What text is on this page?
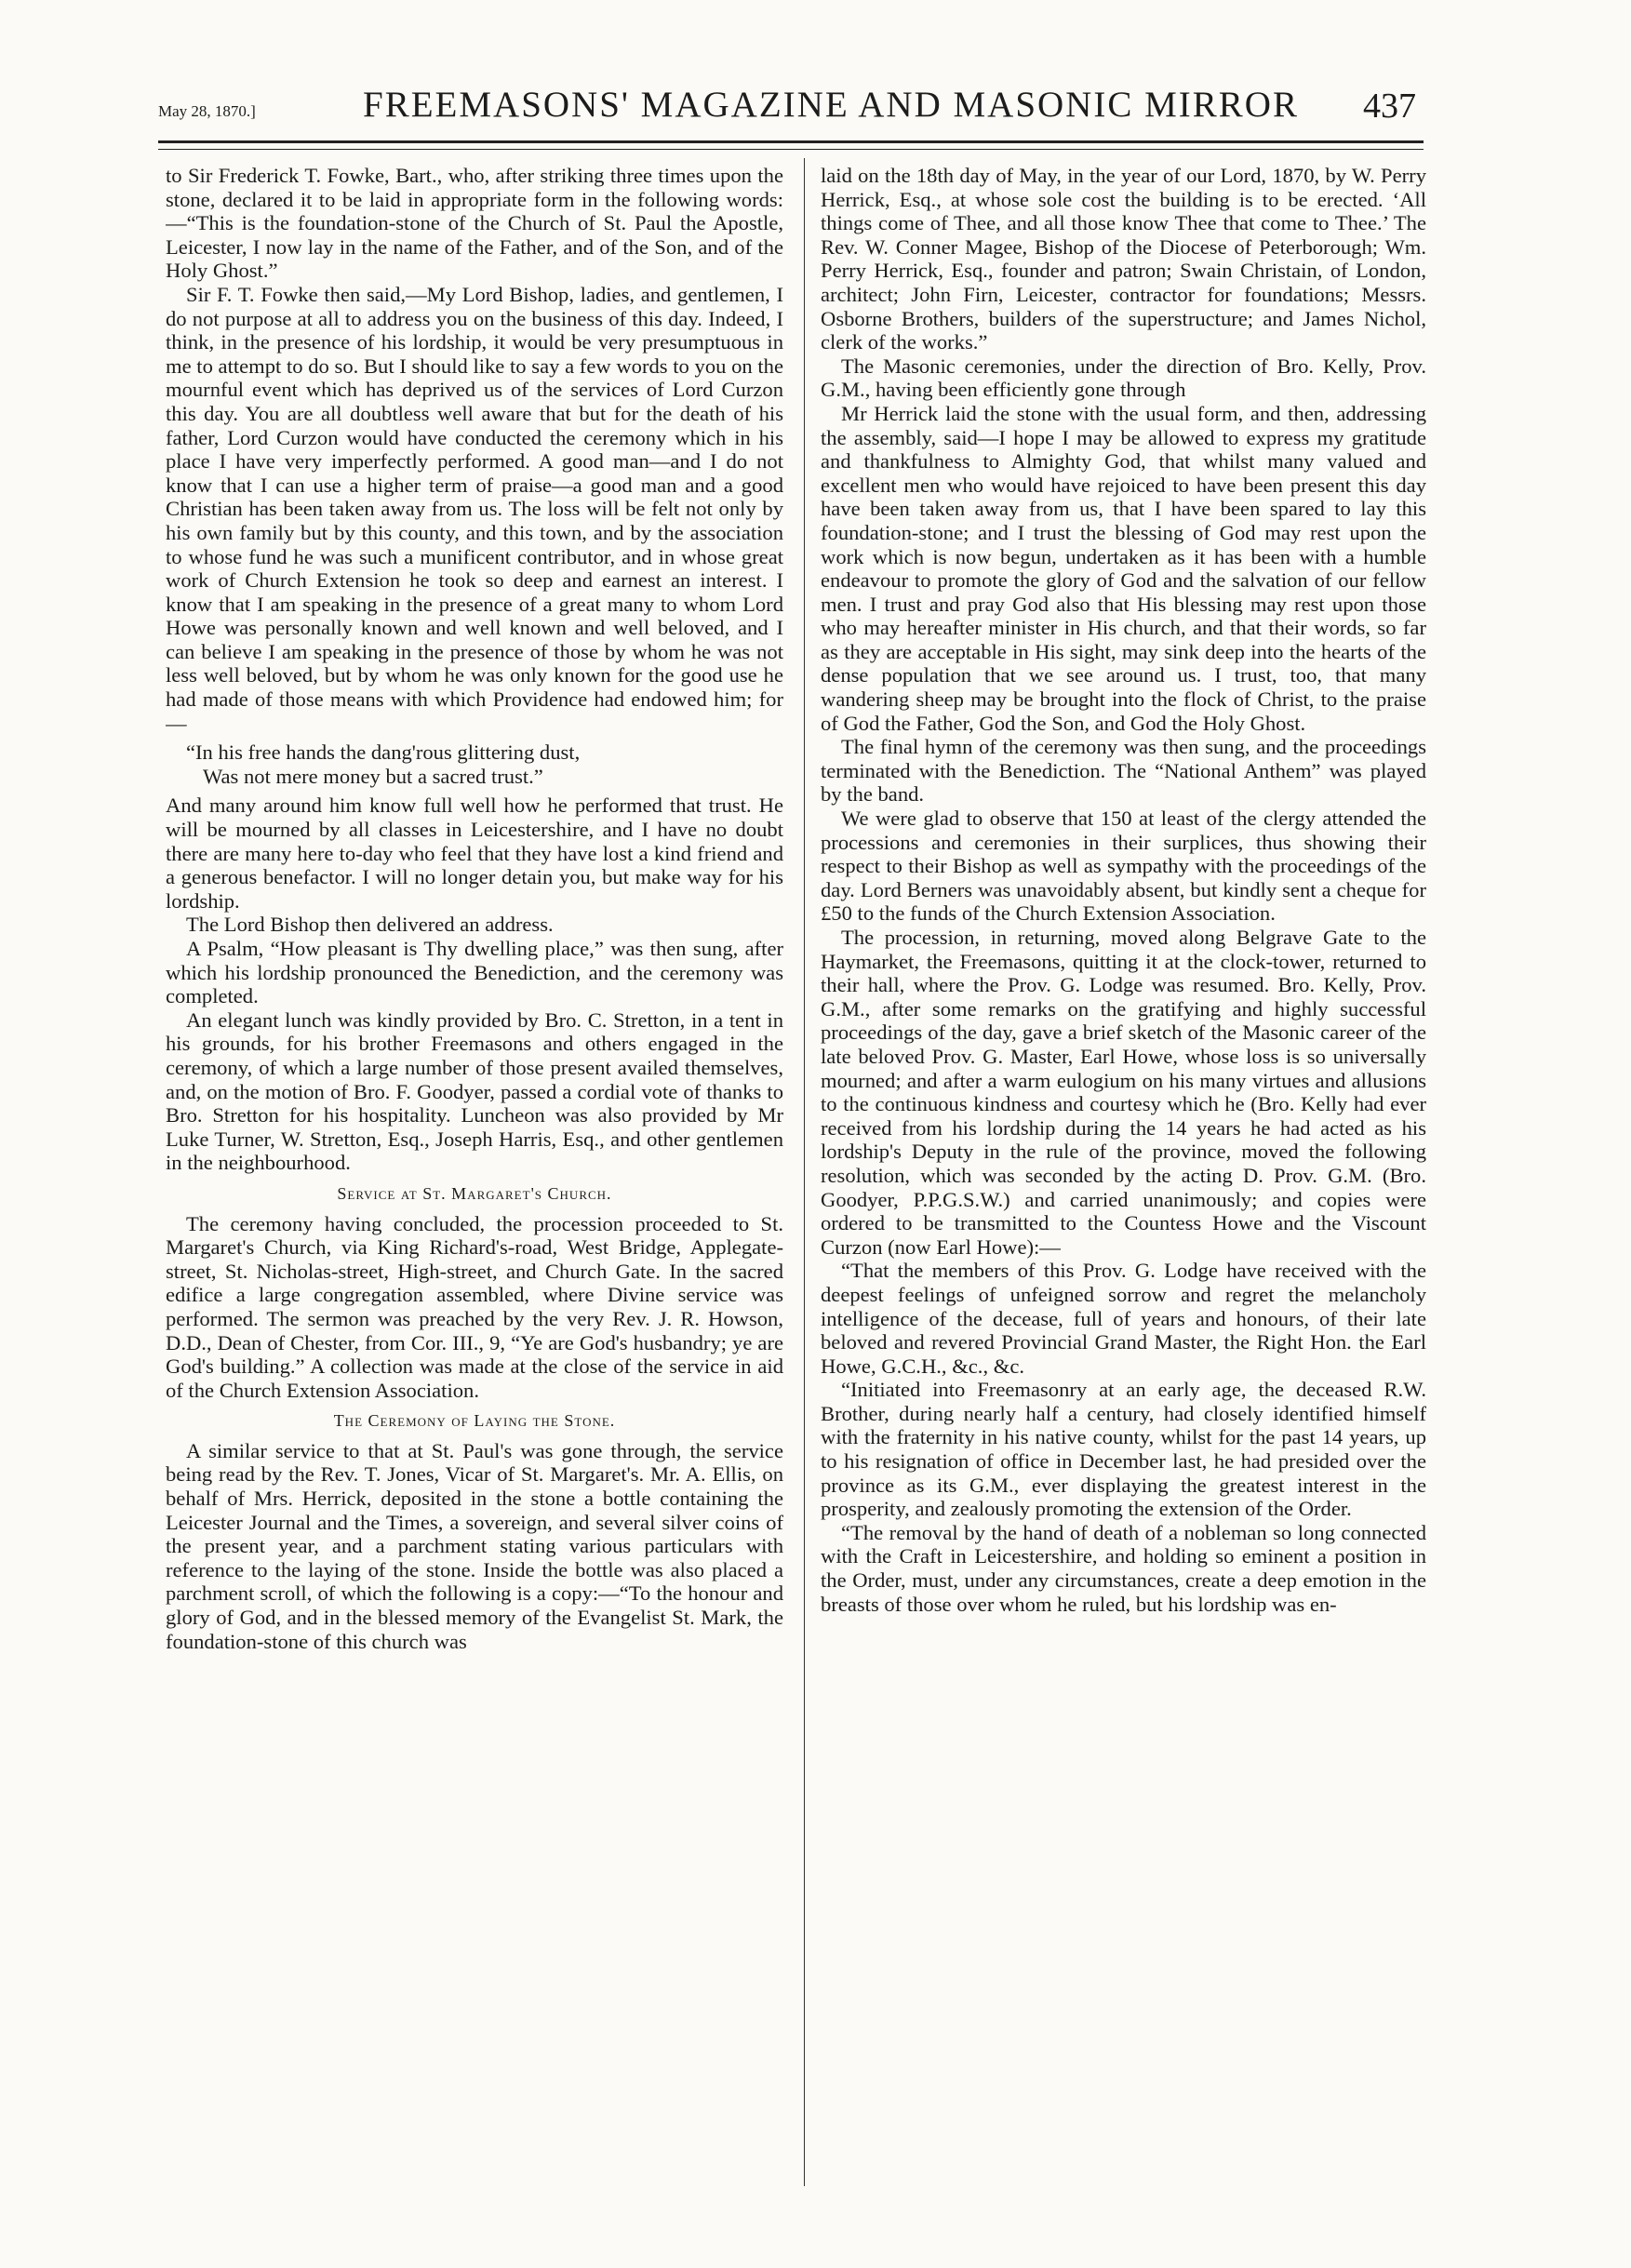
May 28, 1870.]	FREEMASONS' MAGAZINE AND MASONIC MIRROR 437

to Sir Frederick T. Fowke, Bart., who, after striking three times upon the stone, declared it to be laid in appropriate form in the following words:—“This is the foundation-stone of the Church of St. Paul the Apostle, Leicester, I now lay in the name of the Father, and of the Son, and of the Holy Ghost.”

Sir F. T. Fowke then said,—My Lord Bishop, ladies, and gentlemen, I do not purpose at all to address you on the business of this day. Indeed, I think, in the presence of his lordship, it would be very presumptuous in me to attempt to do so. But I should like to say a few words to you on the mournful event which has deprived us of the services of Lord Curzon this day. You are all doubtless well aware that but for the death of his father, Lord Curzon would have conducted the ceremony which in his place I have very imperfectly performed. A good man—and I do not know that I can use a higher term of praise—a good man and a good Christian has been taken away from us. The loss will be felt not only by his own family but by this county, and this town, and by the association to whose fund he was such a munificent contributor, and in whose great work of Church Extension he took so deep and earnest an interest. I know that I am speaking in the presence of a great many to whom Lord Howe was personally known and well known and well beloved, and I can believe I am speaking in the presence of those by whom he was not less well beloved, but by whom he was only known for the good use he had made of those means with which Providence had endowed him; for—

“In his free hands the dang'rous glittering dust,
Was not mere money but a sacred trust.”

And many around him know full well how he performed that trust. He will be mourned by all classes in Leicestershire, and I have no doubt there are many here to-day who feel that they have lost a kind friend and a generous benefactor. I will no longer detain you, but make way for his lordship.

The Lord Bishop then delivered an address.

A Psalm, “How pleasant is Thy dwelling place,” was then sung, after which his lordship pronounced the Benediction, and the ceremony was completed.

An elegant lunch was kindly provided by Bro. C. Stretton, in a tent in his grounds, for his brother Freemasons and others engaged in the ceremony, of which a large number of those present availed themselves, and, on the motion of Bro. F. Goodyer, passed a cordial vote of thanks to Bro. Stretton for his hospitality. Luncheon was also provided by Mr Luke Turner, W. Stretton, Esq., Joseph Harris, Esq., and other gentlemen in the neighbourhood.

Service at St. Margaret's Church.

The ceremony having concluded, the procession proceeded to St. Margaret's Church, via King Richard's-road, West Bridge, Applegate-street, St. Nicholas-street, High-street, and Church Gate. In the sacred edifice a large congregation assembled, where Divine service was performed. The sermon was preached by the very Rev. J. R. Howson, D.D., Dean of Chester, from Cor. III., 9, “Ye are God's husbandry; ye are God's building.” A collection was made at the close of the service in aid of the Church Extension Association.

The Ceremony of Laying the Stone.

A similar service to that at St. Paul's was gone through, the service being read by the Rev. T. Jones, Vicar of St. Margaret's. Mr. A. Ellis, on behalf of Mrs. Herrick, deposited in the stone a bottle containing the Leicester Journal and the Times, a sovereign, and several silver coins of the present year, and a parchment stating various particulars with reference to the laying of the stone. Inside the bottle was also placed a parchment scroll, of which the following is a copy:—“To the honour and glory of God, and in the blessed memory of the Evangelist St. Mark, the foundation-stone of this church was

laid on the 18th day of May, in the year of our Lord, 1870, by W. Perry Herrick, Esq., at whose sole cost the building is to be erected. ‘All things come of Thee, and all those know Thee that come to Thee.’ The Rev. W. Conner Magee, Bishop of the Diocese of Peterborough; Wm. Perry Herrick, Esq., founder and patron; Swain Christain, of London, architect; John Firn, Leicester, contractor for foundations; Messrs. Osborne Brothers, builders of the superstructure; and James Nichol, clerk of the works.”

The Masonic ceremonies, under the direction of Bro. Kelly, Prov. G.M., having been efficiently gone through

Mr Herrick laid the stone with the usual form, and then, addressing the assembly, said—I hope I may be allowed to express my gratitude and thankfulness to Almighty God, that whilst many valued and excellent men who would have rejoiced to have been present this day have been taken away from us, that I have been spared to lay this foundation-stone; and I trust the blessing of God may rest upon the work which is now begun, undertaken as it has been with a humble endeavour to promote the glory of God and the salvation of our fellow men. I trust and pray God also that His blessing may rest upon those who may hereafter minister in His church, and that their words, so far as they are acceptable in His sight, may sink deep into the hearts of the dense population that we see around us. I trust, too, that many wandering sheep may be brought into the flock of Christ, to the praise of God the Father, God the Son, and God the Holy Ghost.

The final hymn of the ceremony was then sung, and the proceedings terminated with the Benediction. The “National Anthem” was played by the band.

We were glad to observe that 150 at least of the clergy attended the processions and ceremonies in their surplices, thus showing their respect to their Bishop as well as sympathy with the proceedings of the day. Lord Berners was unavoidably absent, but kindly sent a cheque for £50 to the funds of the Church Extension Association.

The procession, in returning, moved along Belgrave Gate to the Haymarket, the Freemasons, quitting it at the clock-tower, returned to their hall, where the Prov. G. Lodge was resumed. Bro. Kelly, Prov. G.M., after some remarks on the gratifying and highly successful proceedings of the day, gave a brief sketch of the Masonic career of the late beloved Prov. G. Master, Earl Howe, whose loss is so universally mourned; and after a warm eulogium on his many virtues and allusions to the continuous kindness and courtesy which he (Bro. Kelly had ever received from his lordship during the 14 years he had acted as his lordship's Deputy in the rule of the province, moved the following resolution, which was seconded by the acting D. Prov. G.M. (Bro. Goodyer, P.P.G.S.W.) and carried unanimously; and copies were ordered to be transmitted to the Countess Howe and the Viscount Curzon (now Earl Howe):—

“That the members of this Prov. G. Lodge have received with the deepest feelings of unfeigned sorrow and regret the melancholy intelligence of the decease, full of years and honours, of their late beloved and revered Provincial Grand Master, the Right Hon. the Earl Howe, G.C.H., &c., &c.

“Initiated into Freemasonry at an early age, the deceased R.W. Brother, during nearly half a century, had closely identified himself with the fraternity in his native county, whilst for the past 14 years, up to his resignation of office in December last, he had presided over the province as its G.M., ever displaying the greatest interest in the prosperity, and zealously promoting the extension of the Order.

“The removal by the hand of death of a nobleman so long connected with the Craft in Leicestershire, and holding so eminent a position in the Order, must, under any circumstances, create a deep emotion in the breasts of those over whom he ruled, but his lordship was en-
